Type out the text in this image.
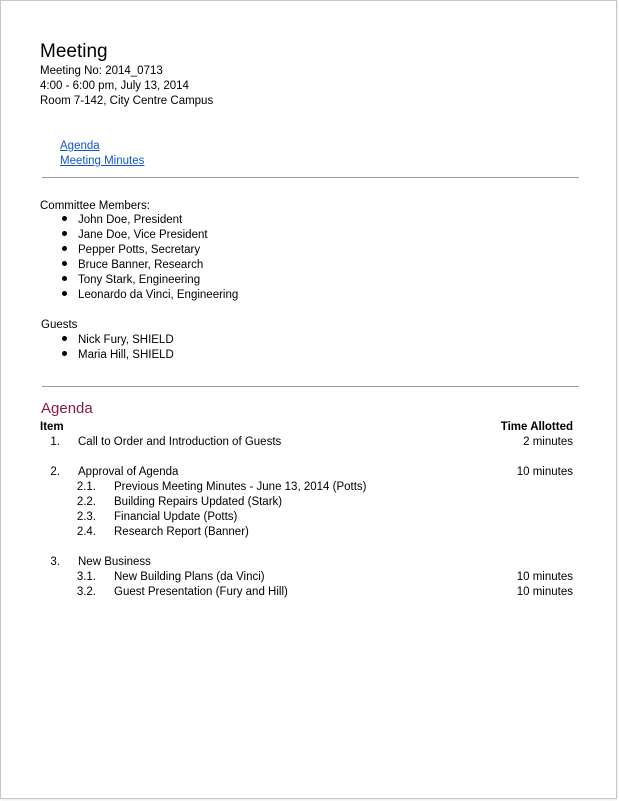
Meeting
Meeting No: 2014_0713
4:00 - 6:00 pm, July 13, 2014
Room 7-142, City Centre Campus
Agenda
Meeting Minutes
Committee Members:
John Doe, President
Jane Doe, Vice President
Pepper Potts, Secretary
Bruce Banner, Research
Tony Stark, Engineering
Leonardo da Vinci, Engineering
Guests
Nick Fury, SHIELD
Maria Hill, SHIELD
Agenda
Item	Time Allotted
1. Call to Order and Introduction of Guests	2 minutes
2. Approval of Agenda	10 minutes
2.1. Previous Meeting Minutes - June 13, 2014 (Potts)
2.2. Building Repairs Updated (Stark)
2.3. Financial Update (Potts)
2.4. Research Report (Banner)
3. New Business
3.1. New Building Plans (da Vinci)	10 minutes
3.2. Guest Presentation (Fury and Hill)	10 minutes
